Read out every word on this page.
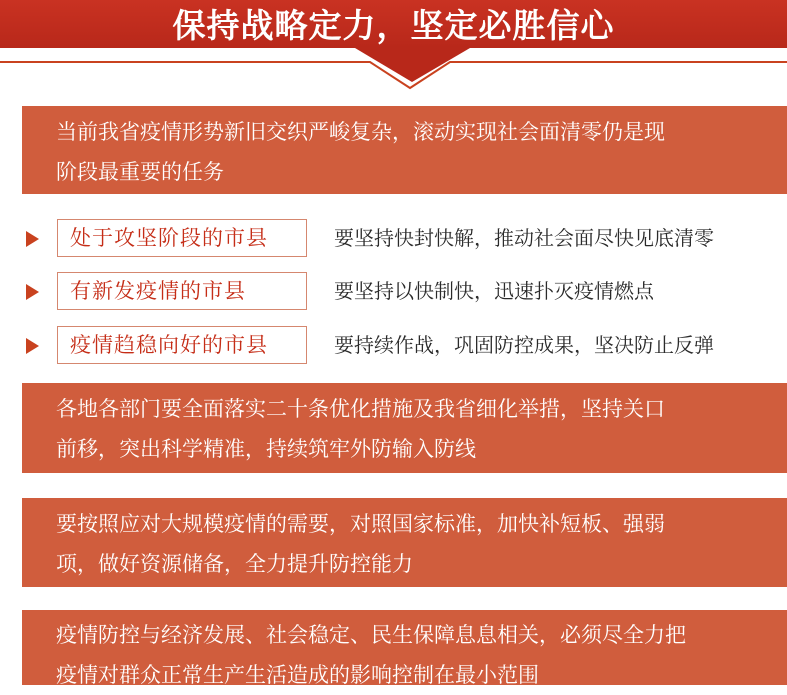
保持战略定力，坚定必胜信心
当前我省疫情形势新旧交织严峻复杂，滚动实现社会面清零仍是现
阶段最重要的任务
处于攻坚阶段的市县	要坚持快封快解，推动社会面尽快见底清零
有新发疫情的市县	要坚持以快制快，迅速扑灭疫情燃点
疫情趋稳向好的市县	要持续作战，巩固防控成果，坚决防止反弹
各地各部门要全面落实二十条优化措施及我省细化举措，坚持关口
前移，突出科学精准，持续筑牢外防输入防线
要按照应对大规模疫情的需要，对照国家标准，加快补短板、强弱
项，做好资源储备，全力提升防控能力
疫情防控与经济发展、社会稳定、民生保障息息相关，必须尽全力把
疫情对群众正常生产生活造成的影响控制在最小范围
